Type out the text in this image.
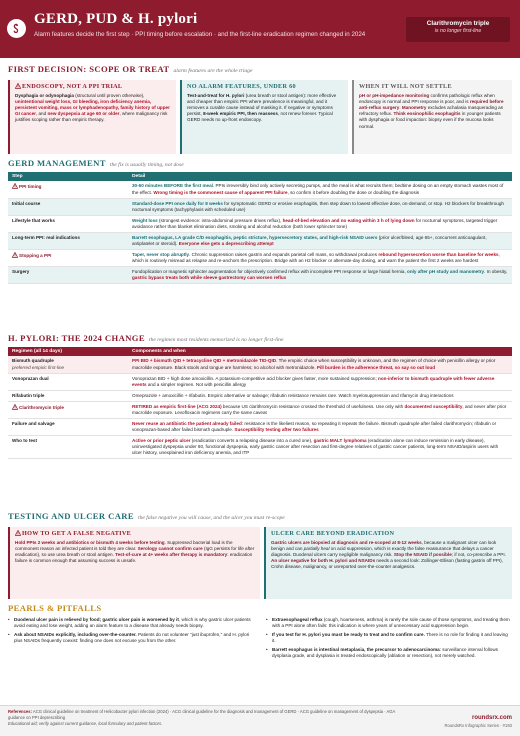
GERD, PUD & H. pylori
Alarm features decide the first step · PPI timing before escalation · and the first-line eradication regimen changed in 2024
Clarithromycin triple
is no longer first-line
FIRST DECISION: SCOPE OR TREAT alarm features are the whole triage
ENDOSCOPY, NOT A PPI TRIAL

Dysphagia or odynophagia (structural until proven otherwise), unintentional weight loss, GI bleeding, iron deficiency anemia, persistent vomiting, mass or lymphadenopathy, family history of upper GI cancer, and new dyspepsia at age 60 or older, where malignancy risk justifies scoping rather than empiric therapy.

NO ALARM FEATURES, UNDER 60

Test-and-treat for H. pylori (urea breath or stool antigen): more effective and cheaper than empiric PPI where prevalence is meaningful, and it removes a curable cause instead of masking it. If negative or symptoms persist, 8-week empiric PPI, then reassess, not renew forever. Typical GERD needs no up-front endoscopy.

WHEN IT WILL NOT SETTLE

pH or pH-impedance monitoring confirms pathologic reflux when endoscopy is normal and PPI response is poor, and is required before anti-reflux surgery. Manometry excludes achalasia masquerading as refractory reflux. Think eosinophilic esophagitis in younger patients with dysphagia or food impaction: biopsy even if the mucosa looks normal.

GERD MANAGEMENT the fix is usually timing, not dose
Step	Detail
PPI timing	30-60 minutes BEFORE the first meal. PPIs irreversibly bind only actively secreting pumps, and the meal is what recruits them; bedtime dosing on an empty stomach wastes most of the effect. Wrong timing is the commonest cause of apparent PPI failure, so confirm it before doubling the dose or doubling the diagnosis
Initial course	Standard-dose PPI once daily for 8 weeks for symptomatic GERD or erosive esophagitis, then step down to lowest effective dose, on-demand, or stop. H2 blockers for breakthrough nocturnal symptoms (tachyphylaxis with scheduled use)
Lifestyle that works	Weight loss (strongest evidence: intra-abdominal pressure drives reflux), head-of-bed elevation and no eating within 3 h of lying down for nocturnal symptoms, targeted trigger avoidance rather than blanket elimination diets, smoking and alcohol reduction (both lower sphincter tone)
Long-term PPI: real indications	Barrett esophagus, LA grade C/D esophagitis, peptic stricture, hypersecretory states, and high-risk NSAID users (prior ulcer/bleed, age 65+, concurrent anticoagulant, antiplatelet or steroid). Everyone else gets a deprescribing attempt
Stopping a PPI	Taper, never stop abruptly. Chronic suppression raises gastrin and expands parietal cell mass, so withdrawal produces rebound hypersecretion worse than baseline for weeks, which is routinely misread as relapse and re-anchors the prescription. Bridge with an H2 blocker or alternate-day dosing, and warn the patient the first 2 weeks are hardest
Surgery	Fundoplication or magnetic sphincter augmentation for objectively confirmed reflux with incomplete PPI response or large hiatal hernia, only after pH study and manometry. In obesity, gastric bypass treats both while sleeve gastrectomy can worsen reflux
H. PYLORI: THE 2024 CHANGE the regimen most residents memorized is no longer first-line
Regimen (all 14 days)	Components and when
Bismuth quadruple
preferred empiric first-line	PPI BID + bismuth QID + tetracycline QID + metronidazole TID-QID. The empiric choice when susceptibility is unknown, and the regimen of choice with penicillin allergy or prior macrolide exposure. Black stools and tongue are harmless; no alcohol with metronidazole. Pill burden is the adherence threat, so say so out loud
Vonoprazan dual	Vonoprazan BID + high dose amoxicillin. A potassium-competitive acid blocker gives faster, more sustained suppression; non-inferior to bismuth quadruple with fewer adverse events and a simpler regimen. Not with penicillin allergy
Rifabutin triple	Omeprazole + amoxicillin + rifabutin. Empiric alternative or salvage; rifabutin resistance remains rare. Watch myelosuppression and rifamycin drug interactions
Clarithromycin triple	RETIRED as empiric first-line (ACG 2024) because US clarithromycin resistance crossed the threshold of usefulness. Use only with documented susceptibility, and never after prior macrolide exposure. Levofloxacin regimens carry the same caveat
Failure and salvage	Never reuse an antibiotic the patient already failed: resistance is the likeliest reason, so repeating it repeats the failure. Bismuth quadruple after failed clarithromycin; rifabutin or vonoprazan-based after failed bismuth quadruple. Susceptibility testing after two failures
Who to test	Active or prior peptic ulcer (eradication converts a relapsing disease into a cured one), gastric MALT lymphoma (eradication alone can induce remission in early disease), uninvestigated dyspepsia under 60, functional dyspepsia, early gastric cancer after resection and first-degree relatives of gastric cancer patients, long-term NSAID/aspirin users with ulcer history, unexplained iron deficiency anemia, and ITP
TESTING AND ULCER CARE the false negative you will cause, and the ulcer you must re-scope
HOW TO GET A FALSE NEGATIVE

Hold PPIs 2 weeks and antibiotics or bismuth 4 weeks before testing. Suppressed bacterial load is the commonest reason an infected patient is told they are clear. Serology cannot confirm cure (IgG persists for life after eradication), so use urea breath or stool antigen. Test-of-cure at 4+ weeks after therapy is mandatory: eradication failure is common enough that assuming success is unsafe.

ULCER CARE BEYOND ERADICATION

Gastric ulcers are biopsied at diagnosis and re-scoped at 8-12 weeks, because a malignant ulcer can look benign and can partially heal on acid suppression, which is exactly the false reassurance that delays a cancer diagnosis. Duodenal ulcers carry negligible malignancy risk. Stop the NSAID if possible; if not, co-prescribe a PPI. An ulcer negative for both H. pylori and NSAIDs needs a second look: Zollinger-Ellison (fasting gastrin off PPI), Crohn disease, malignancy, or unreported over-the-counter analgesics.

PEARLS & PITFALLS
• Duodenal ulcer pain is relieved by food; gastric ulcer pain is worsened by it, which is why gastric ulcer patients avoid eating and lose weight, adding an alarm feature to a disease that already needs biopsy.
• Ask about NSAIDs explicitly, including over-the-counter. Patients do not volunteer "just ibuprofen," and H. pylori plus NSAIDs frequently coexist: finding one does not excuse you from the other.
• Extraesophageal reflux (cough, hoarseness, asthma) is rarely the sole cause of those symptoms, and treating them with a PPI alone often fails: this indication is where years of unnecessary acid suppression begin.
• If you test for H. pylori you must be ready to treat and to confirm cure. There is no role for finding it and leaving it.
• Barrett esophagus is intestinal metaplasia, the precursor to adenocarcinoma: surveillance interval follows dysplasia grade, and dysplasia is treated endoscopically (ablation or resection), not merely watched.
References: ACG clinical guideline on treatment of Helicobacter pylori infection (2024) · ACG clinical guideline for the diagnosis and management of GERD · ACG guideline on management of dyspepsia · AGA guidance on PPI deprescribing
Educational aid; verify against current guidance, local formulary and patient factors.
roundsrx.com
RoundsRx Infographic Series · #193
